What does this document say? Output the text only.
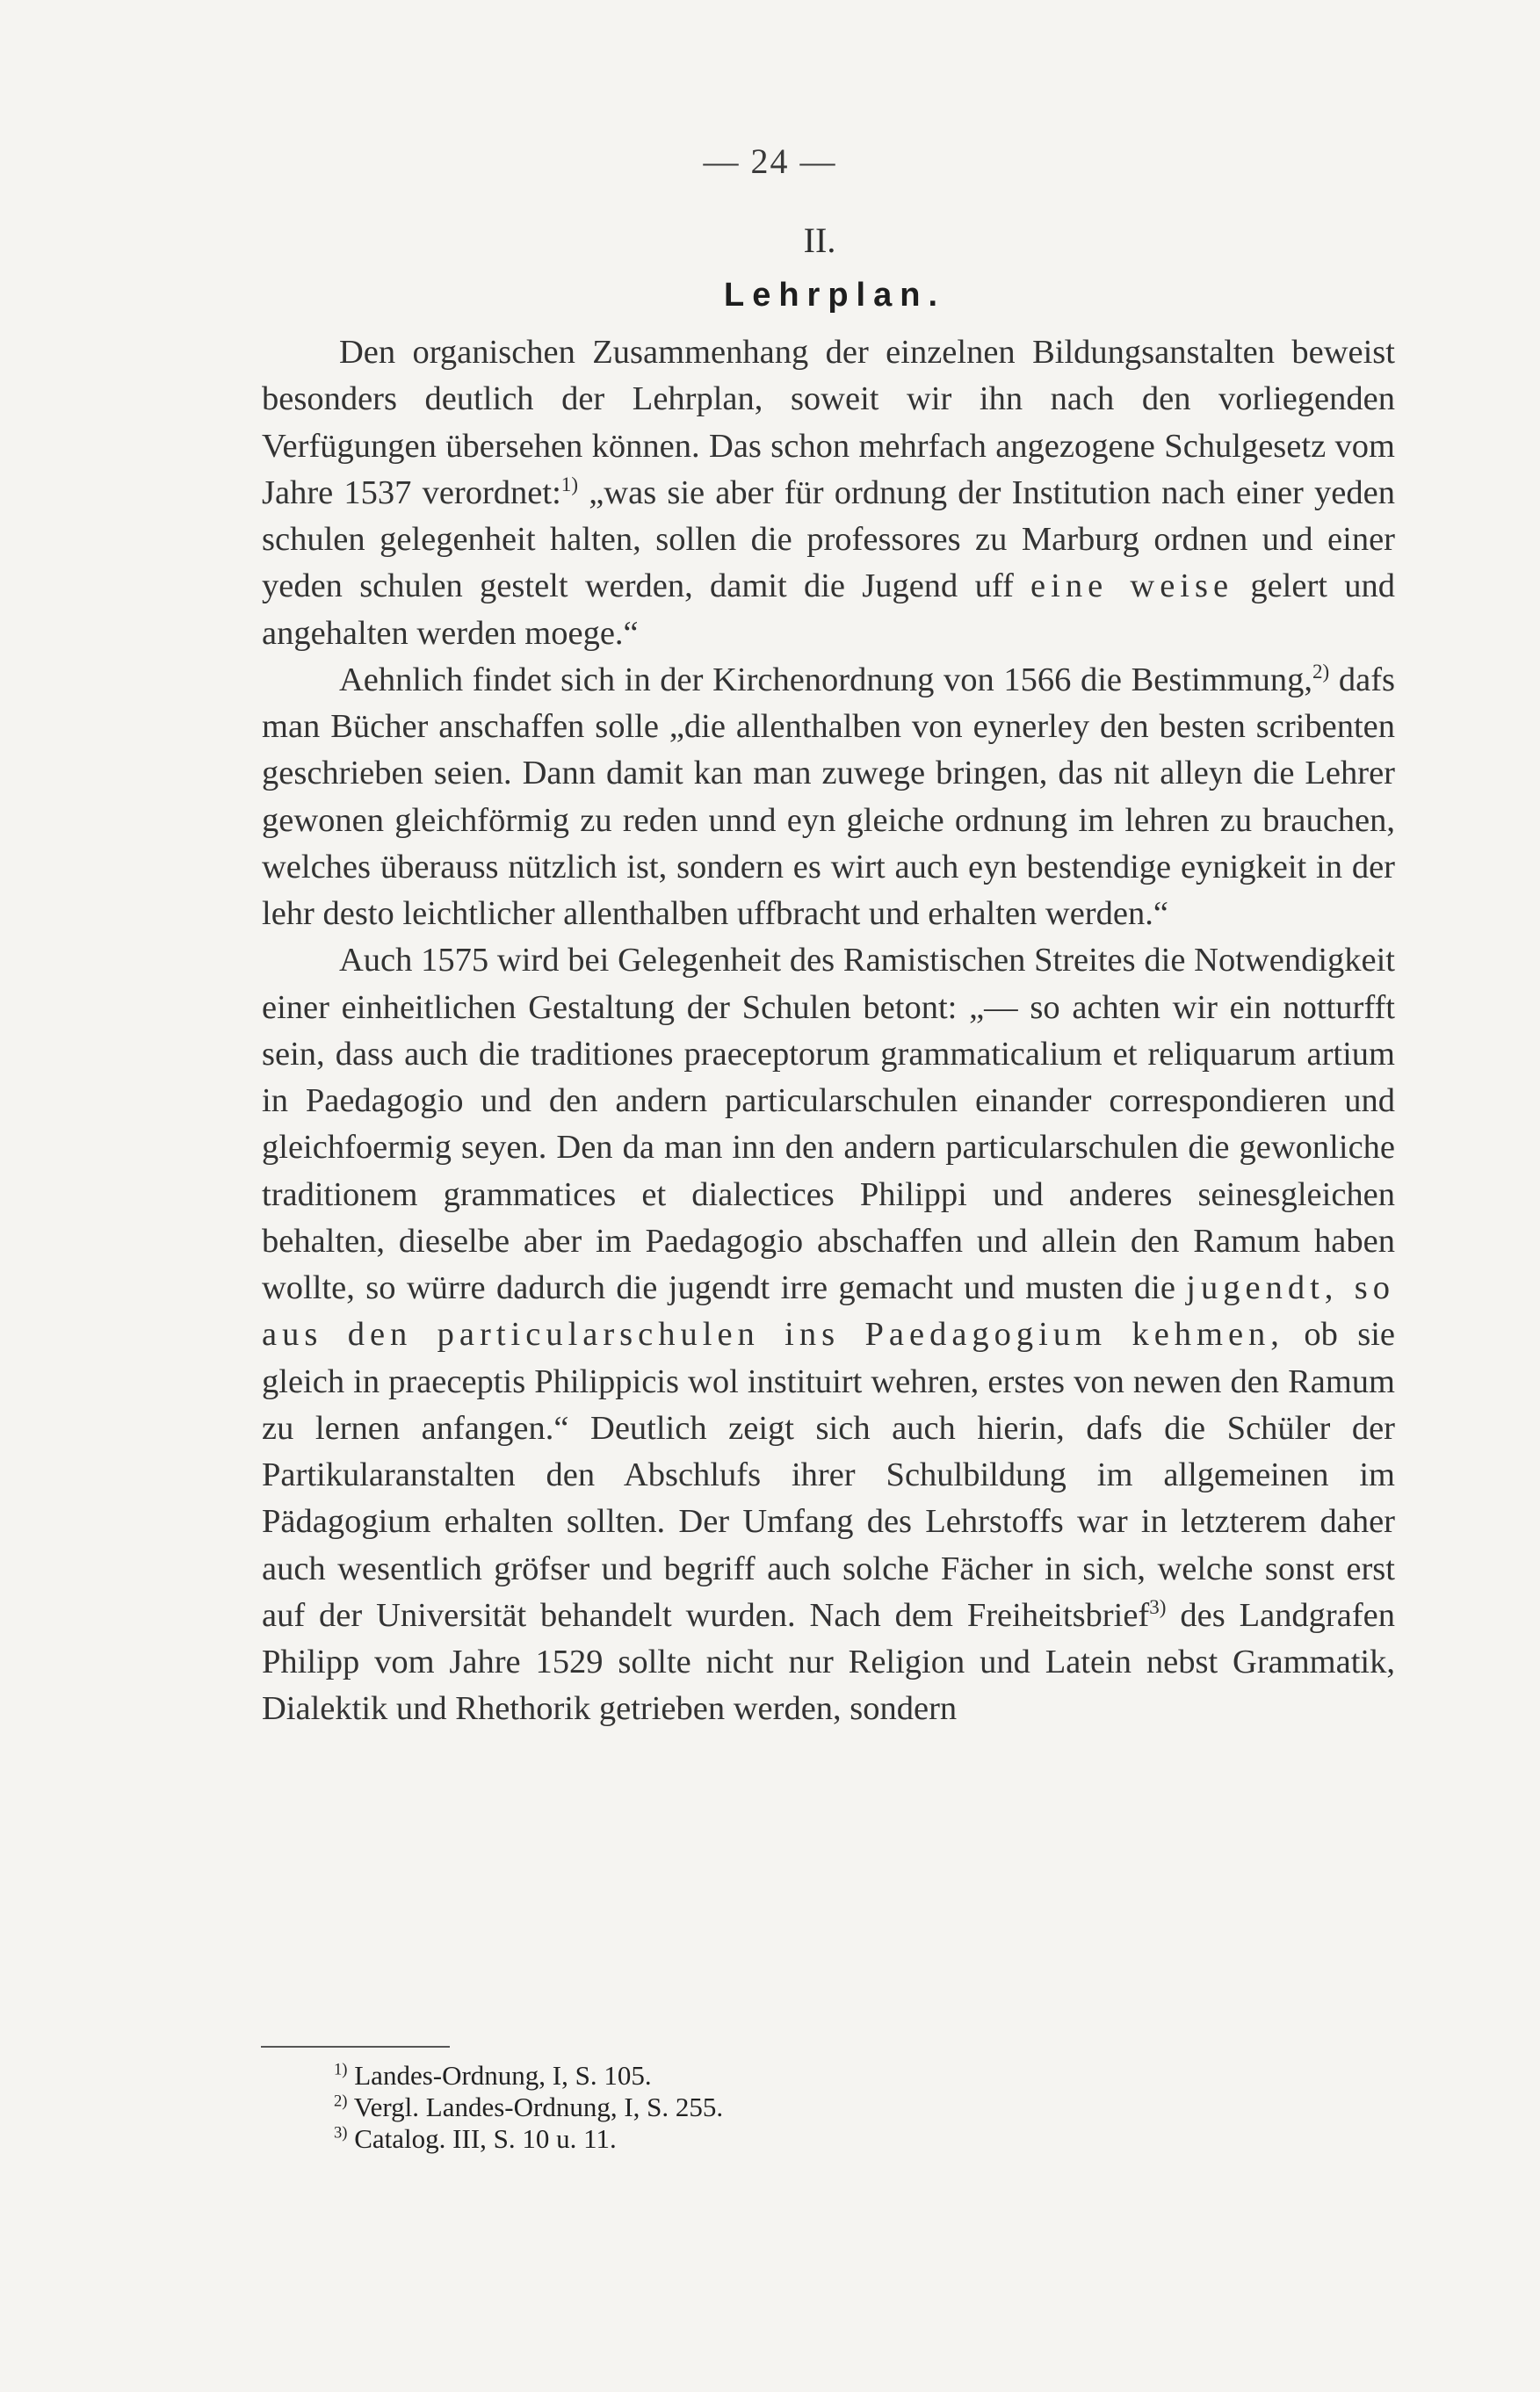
— 24 —
II.
Lehrplan.

Den organischen Zusammenhang der einzelnen Bildungsanstalten beweist besonders deutlich der Lehrplan, soweit wir ihn nach den vorliegenden Verfügungen übersehen können. Das schon mehrfach angezogene Schulgesetz vom Jahre 1537 verordnet:$^{1)}$ „was sie aber für ordnung der Institution nach einer yeden schulen gelegenheit halten, sollen die professores zu Marburg ordnen und einer yeden schulen gestelt werden, damit die Jugend uff eine weise gelert und angehalten werden moege.“

Aehnlich findet sich in der Kirchenordnung von 1566 die Bestimmung,$^{2)}$ dafs man Bücher anschaffen solle „die allenthalben von eynerley den besten scribenten geschrieben seien. Dann damit kan man zuwege bringen, das nit alleyn die Lehrer gewonen gleichförmig zu reden unnd eyn gleiche ordnung im lehren zu brauchen, welches überauss nützlich ist, sondern es wirt auch eyn bestendige eynigkeit in der lehr desto leichtlicher allenthalben uffbracht und erhalten werden.“

Auch 1575 wird bei Gelegenheit des Ramistischen Streites die Notwendigkeit einer einheitlichen Gestaltung der Schulen betont: „— so achten wir ein notturfft sein, dass auch die traditiones praeceptorum grammaticalium et reliquarum artium in Paedagogio und den andern particularschulen einander correspondieren und gleichfoermig seyen. Den da man inn den andern particularschulen die gewonliche traditionem grammatices et dialectices Philippi und anderes seinesgleichen behalten, dieselbe aber im Paedagogio abschaffen und allein den Ramum haben wollte, so würre dadurch die jugendt irre gemacht und musten die jugendt, so aus den particularschulen ins Paedagogium kehmen, ob sie gleich in praeceptis Philippicis wol instituirt wehren, erstes von newen den Ramum zu lernen anfangen.“ Deutlich zeigt sich auch hierin, dafs die Schüler der Partikularanstalten den Abschlufs ihrer Schulbildung im allgemeinen im Pädagogium erhalten sollten. Der Umfang des Lehrstoffs war in letzterem daher auch wesentlich gröfser und begriff auch solche Fächer in sich, welche sonst erst auf der Universität behandelt wurden. Nach dem Freiheitsbrief$^{3)}$ des Landgrafen Philipp vom Jahre 1529 sollte nicht nur Religion und Latein nebst Grammatik, Dialektik und Rhethorik getrieben werden, sondern

$^{1)}$ Landes-Ordnung, I, S. 105.
$^{2)}$ Vergl. Landes-Ordnung, I, S. 255.
$^{3)}$ Catalog. III, S. 10 u. 11.
